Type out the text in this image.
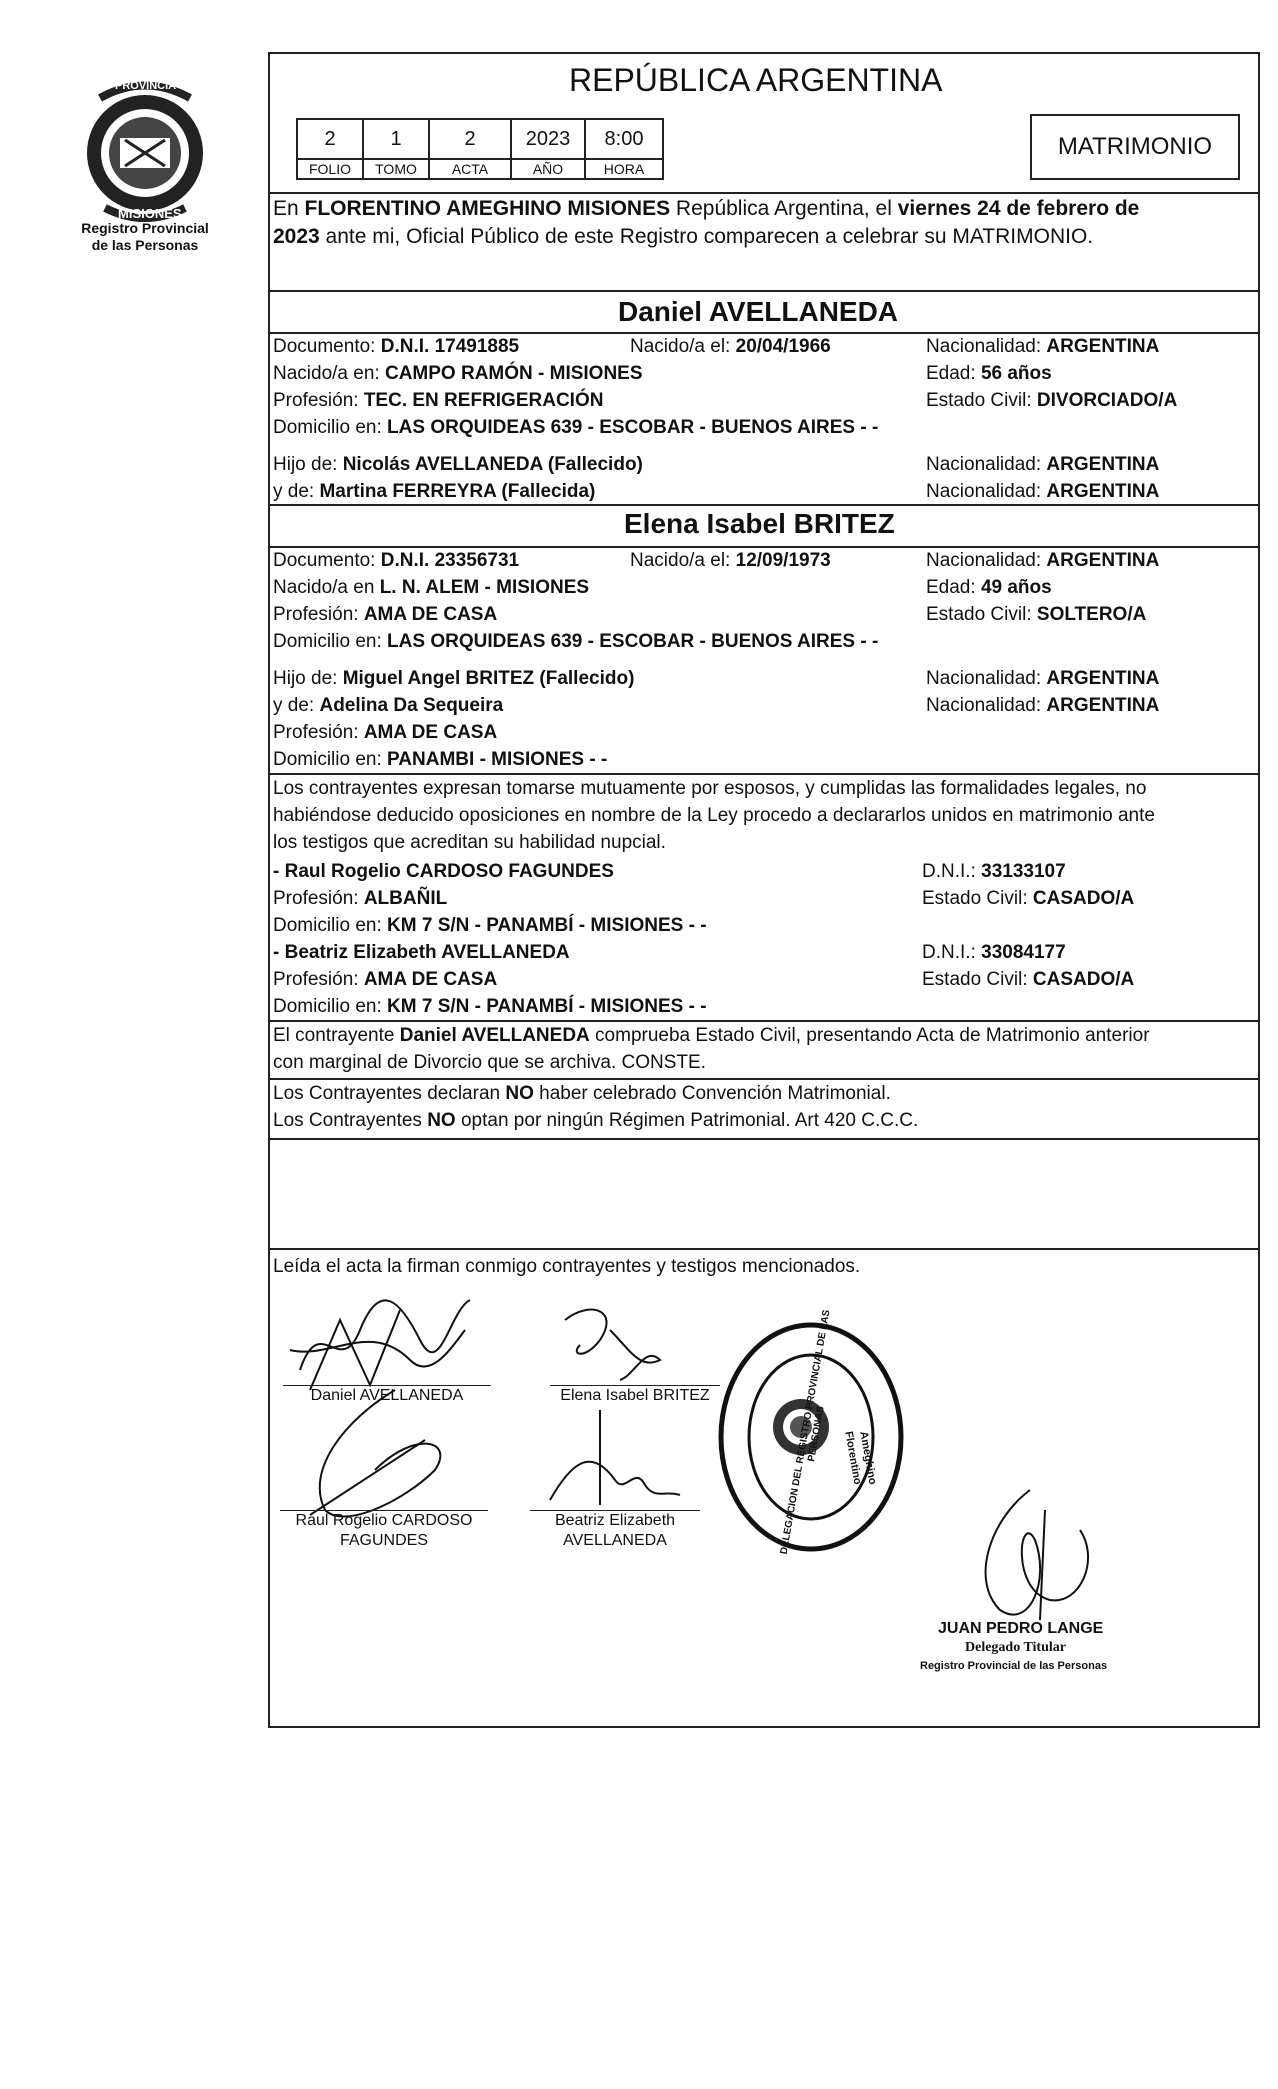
PROVINCIA
MISIONES
Registro Provincial
de las Personas
REPÚBLICA ARGENTINA
2	1	2	2023	8:00
FOLIO	TOMO	ACTA	AÑO	HORA
MATRIMONIO
En FLORENTINO AMEGHINO MISIONES República Argentina, el viernes 24 de febrero de
2023 ante mi, Oficial Público de este Registro comparecen a celebrar su MATRIMONIO.
Daniel AVELLANEDA
Documento: D.N.I. 17491885	Nacido/a el: 20/04/1966	Nacionalidad: ARGENTINA
Nacido/a en: CAMPO RAMÓN - MISIONES	Edad: 56 años
Profesión: TEC. EN REFRIGERACIÓN	Estado Civil: DIVORCIADO/A
Domicilio en: LAS ORQUIDEAS 639 - ESCOBAR - BUENOS AIRES - -
Hijo de: Nicolás AVELLANEDA (Fallecido)	Nacionalidad: ARGENTINA
y de: Martina FERREYRA (Fallecida)	Nacionalidad: ARGENTINA
Elena Isabel BRITEZ
Documento: D.N.I. 23356731	Nacido/a el: 12/09/1973	Nacionalidad: ARGENTINA
Nacido/a en L. N. ALEM - MISIONES	Edad: 49 años
Profesión: AMA DE CASA	Estado Civil: SOLTERO/A
Domicilio en: LAS ORQUIDEAS 639 - ESCOBAR - BUENOS AIRES - -
Hijo de: Miguel Angel BRITEZ (Fallecido)	Nacionalidad: ARGENTINA
y de: Adelina Da Sequeira	Nacionalidad: ARGENTINA
Profesión: AMA DE CASA
Domicilio en: PANAMBI - MISIONES - -
Los contrayentes expresan tomarse mutuamente por esposos, y cumplidas las formalidades legales, no
habiéndose deducido oposiciones en nombre de la Ley procedo a declararlos unidos en matrimonio ante
los testigos que acreditan su habilidad nupcial.
- Raul Rogelio CARDOSO FAGUNDES	D.N.I.: 33133107
Profesión: ALBAÑIL	Estado Civil: CASADO/A
Domicilio en: KM 7 S/N - PANAMBÍ - MISIONES - -
- Beatriz Elizabeth AVELLANEDA	D.N.I.: 33084177
Profesión: AMA DE CASA	Estado Civil: CASADO/A
Domicilio en: KM 7 S/N - PANAMBÍ - MISIONES - -
El contrayente Daniel AVELLANEDA comprueba Estado Civil, presentando Acta de Matrimonio anterior
con marginal de Divorcio que se archiva. CONSTE.
Los Contrayentes declaran NO haber celebrado Convención Matrimonial.
Los Contrayentes NO optan por ningún Régimen Patrimonial. Art 420 C.C.C.
Leída el acta la firman conmigo contrayentes y testigos mencionados.
Daniel AVELLANEDA	Elena Isabel BRITEZ
Raul Rogelio CARDOSO
FAGUNDES
Beatriz Elizabeth
AVELLANEDA	DELEGACION DEL REGISTRO PROVINCIAL DE LAS PERSONAS	Florentino
Ameghino
JUAN PEDRO LANGE
Delegado Titular
Registro Provincial de las Personas
